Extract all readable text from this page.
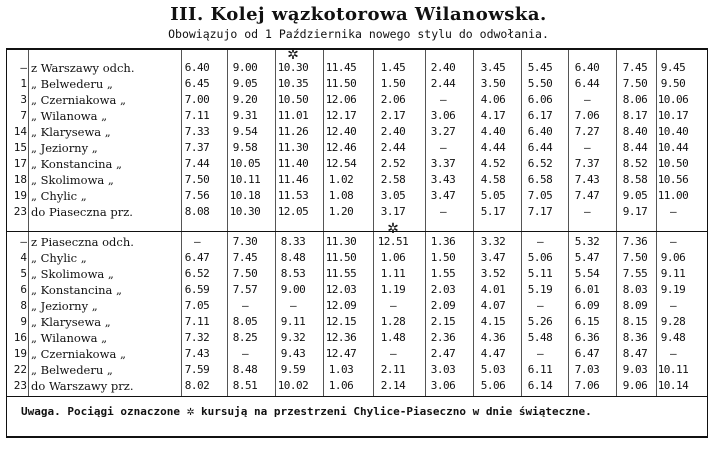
III. Kolej wązkotorowa Wilanowska.
Obowiązujo od 1 Października nowego stylu do odwołania.
— z Warszawy odch.	6.40	9.00	10.30	11.45	1.45	2.40	3.45	5.45	6.40	7.45	9.45
1 „ Belwederu „	6.45	9.05	10.35	11.50	1.50	2.44	3.50	5.50	6.44	7.50	9.50
3 „ Czerniakowa „	7.00	9.20	10.50	12.06	2.06	—	4.06	6.06	—	8.06 10.06
7 „ Wilanowa „	7.11	9.31	11.01	12.17	2.17	3.06	4.17	6.17	7.06	8.17 10.17
14 „ Klarysewa „	7.33	9.54	11.26	12.40	2.40	3.27	4.40	6.40	7.27	8.40 10.40
15 „ Jeziorny „	7.37	9.58	11.30	12.46	2.44	—	4.44	6.44	—	8.44 10.44
17 „ Konstancina „	7.44	10.05	11.40	12.54	2.52	3.37	4.52	6.52	7.37	8.52 10.50
18 „ Skolimowa „	7.50	10.11	11.46	1.02	2.58	3.43	4.58	6.58	7.43	8.58 10.56
19 „ Chylic „	7.56	10.18	11.53	1.08	3.05	3.47	5.05	7.05	7.47	9.05 11.00
23 do Piaseczna prz.	8.08	10.30	12.05	1.20	3.17	—	5.17	7.17	—	9.17	—
✲
— z Piaseczna odch.	—	7.30	8.33	11.30	12.51	1.36	3.32	—	5.32	7.36	—
4 „ Chylic „	6.47	7.45	8.48	11.50	1.06	1.50	3.47	5.06	5.47	7.50	9.06
5 „ Skolimowa „	6.52	7.50	8.53	11.55	1.11	1.55	3.52	5.11	5.54	7.55	9.11
6 „ Konstancina „	6.59	7.57	9.00	12.03	1.19	2.03	4.01	5.19	6.01	8.03	9.19
8 „ Jeziorny „	7.05	—	—	12.09	—	2.09	4.07	—	6.09	8.09	—
9 „ Klarysewa „	7.11	8.05	9.11	12.15	1.28	2.15	4.15	5.26	6.15	8.15	9.28
16 „ Wilanowa „	7.32	8.25	9.32	12.36	1.48	2.36	4.36	5.48	6.36	8.36	9.48
19 „ Czerniakowa „	7.43	—	9.43	12.47	—	2.47	4.47	—	6.47	8.47	—
22 „ Belwederu „	7.59	8.48	9.59	1.03	2.11	3.03	5.03	6.11	7.03	9.03 10.11
23 do Warszawy prz.	8.02	8.51	10.02	1.06	2.14	3.06	5.06	6.14	7.06	9.06 10.14
✲
Uwaga. Pociągi oznaczone ✲ kursują na przestrzeni Chylice-Piaseczno w dnie świąteczne.
